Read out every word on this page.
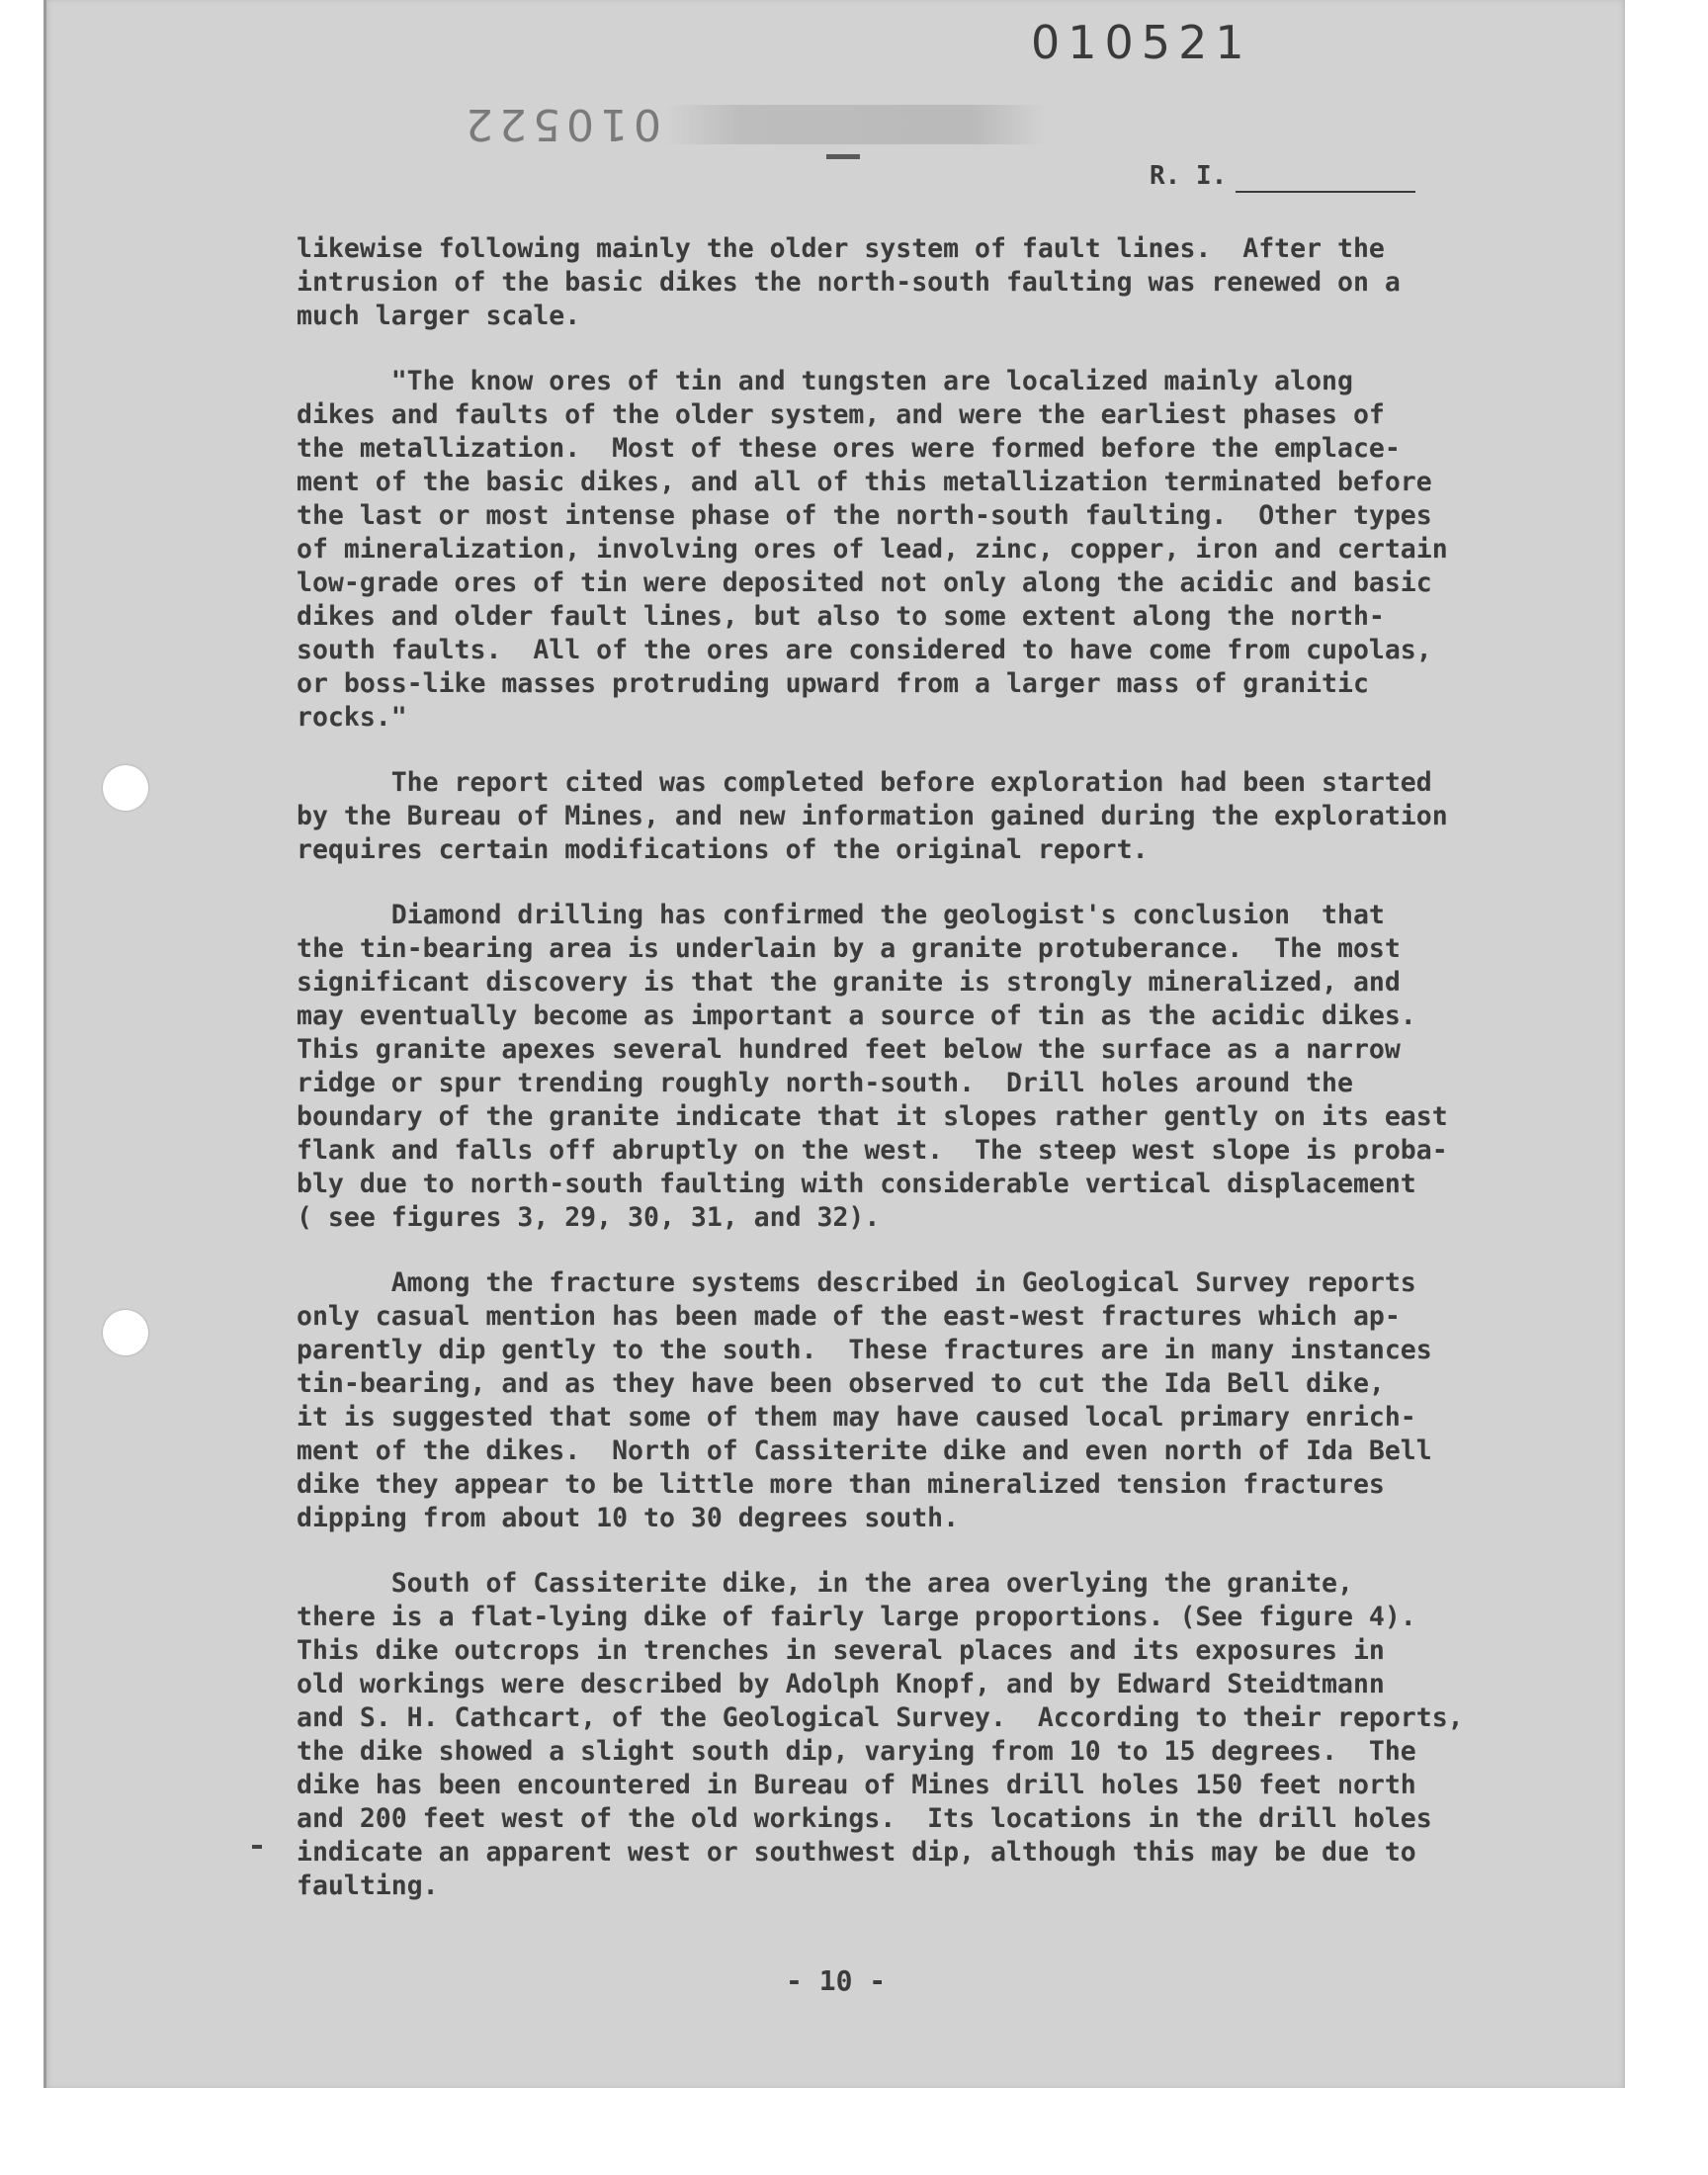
010521
010522
R. I.
likewise following mainly the older system of fault lines.  After the
intrusion of the basic dikes the north-south faulting was renewed on a
much larger scale.
"The know ores of tin and tungsten are localized mainly along
dikes and faults of the older system, and were the earliest phases of
the metallization.  Most of these ores were formed before the emplace-
ment of the basic dikes, and all of this metallization terminated before
the last or most intense phase of the north-south faulting.  Other types
of mineralization, involving ores of lead, zinc, copper, iron and certain
low-grade ores of tin were deposited not only along the acidic and basic
dikes and older fault lines, but also to some extent along the north-
south faults.  All of the ores are considered to have come from cupolas,
or boss-like masses protruding upward from a larger mass of granitic
rocks."
The report cited was completed before exploration had been started
by the Bureau of Mines, and new information gained during the exploration
requires certain modifications of the original report.
Diamond drilling has confirmed the geologist's conclusion  that
the tin-bearing area is underlain by a granite protuberance.  The most
significant discovery is that the granite is strongly mineralized, and
may eventually become as important a source of tin as the acidic dikes.
This granite apexes several hundred feet below the surface as a narrow
ridge or spur trending roughly north-south.  Drill holes around the
boundary of the granite indicate that it slopes rather gently on its east
flank and falls off abruptly on the west.  The steep west slope is proba-
bly due to north-south faulting with considerable vertical displacement
( see figures 3, 29, 30, 31, and 32).
Among the fracture systems described in Geological Survey reports
only casual mention has been made of the east-west fractures which ap-
parently dip gently to the south.  These fractures are in many instances
tin-bearing, and as they have been observed to cut the Ida Bell dike,
it is suggested that some of them may have caused local primary enrich-
ment of the dikes.  North of Cassiterite dike and even north of Ida Bell
dike they appear to be little more than mineralized tension fractures
dipping from about 10 to 30 degrees south.
South of Cassiterite dike, in the area overlying the granite,
there is a flat-lying dike of fairly large proportions. (See figure 4).
This dike outcrops in trenches in several places and its exposures in
old workings were described by Adolph Knopf, and by Edward Steidtmann
and S. H. Cathcart, of the Geological Survey.  According to their reports,
the dike showed a slight south dip, varying from 10 to 15 degrees.  The
dike has been encountered in Bureau of Mines drill holes 150 feet north
and 200 feet west of the old workings.  Its locations in the drill holes
indicate an apparent west or southwest dip, although this may be due to
faulting.
- 10 -
